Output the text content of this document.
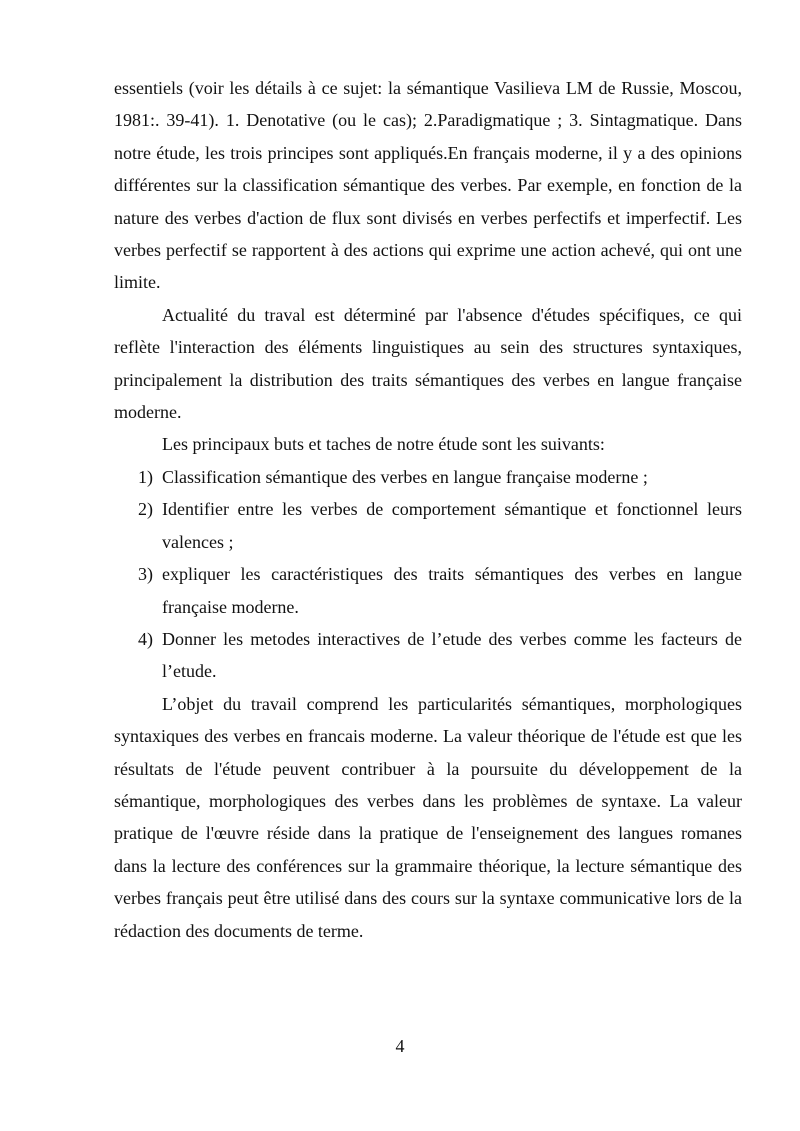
essentiels (voir les détails à ce sujet: la sémantique Vasilieva LM de Russie, Moscou, 1981:. 39-41). 1. Denotative (ou le cas); 2.Paradigmatique ; 3. Sintagmatique. Dans notre étude, les trois principes sont appliqués.En français moderne, il y a des opinions différentes sur la classification sémantique des verbes. Par exemple, en fonction de la nature des verbes d'action de flux sont divisés en verbes perfectifs et imperfectif. Les verbes perfectif se rapportent à des actions qui exprime une action achevé, qui ont une limite.

Actualité du traval est déterminé par l'absence d'études spécifiques, ce qui reflète l'interaction des éléments linguistiques au sein des structures syntaxiques, principalement la distribution des traits sémantiques des verbes en langue française moderne.

Les principaux buts et taches de notre étude sont les suivants:

1) Classification sémantique des verbes en langue française moderne ;
2) Identifier entre les verbes de comportement sémantique et fonctionnel leurs valences ;
3) expliquer les caractéristiques des traits sémantiques des verbes en langue française moderne.
4) Donner les metodes interactives de l’etude des verbes comme les facteurs de l’etude.

L’objet du travail comprend les particularités sémantiques, morphologiques syntaxiques des verbes en francais moderne. La valeur théorique de l'étude est que les résultats de l'étude peuvent contribuer à la poursuite du développement de la sémantique, morphologiques des verbes dans les problèmes de syntaxe. La valeur pratique de l'œuvre réside dans la pratique de l'enseignement des langues romanes dans la lecture des conférences sur la grammaire théorique, la lecture sémantique des verbes français peut être utilisé dans des cours sur la syntaxe communicative lors de la rédaction des documents de terme.

4
